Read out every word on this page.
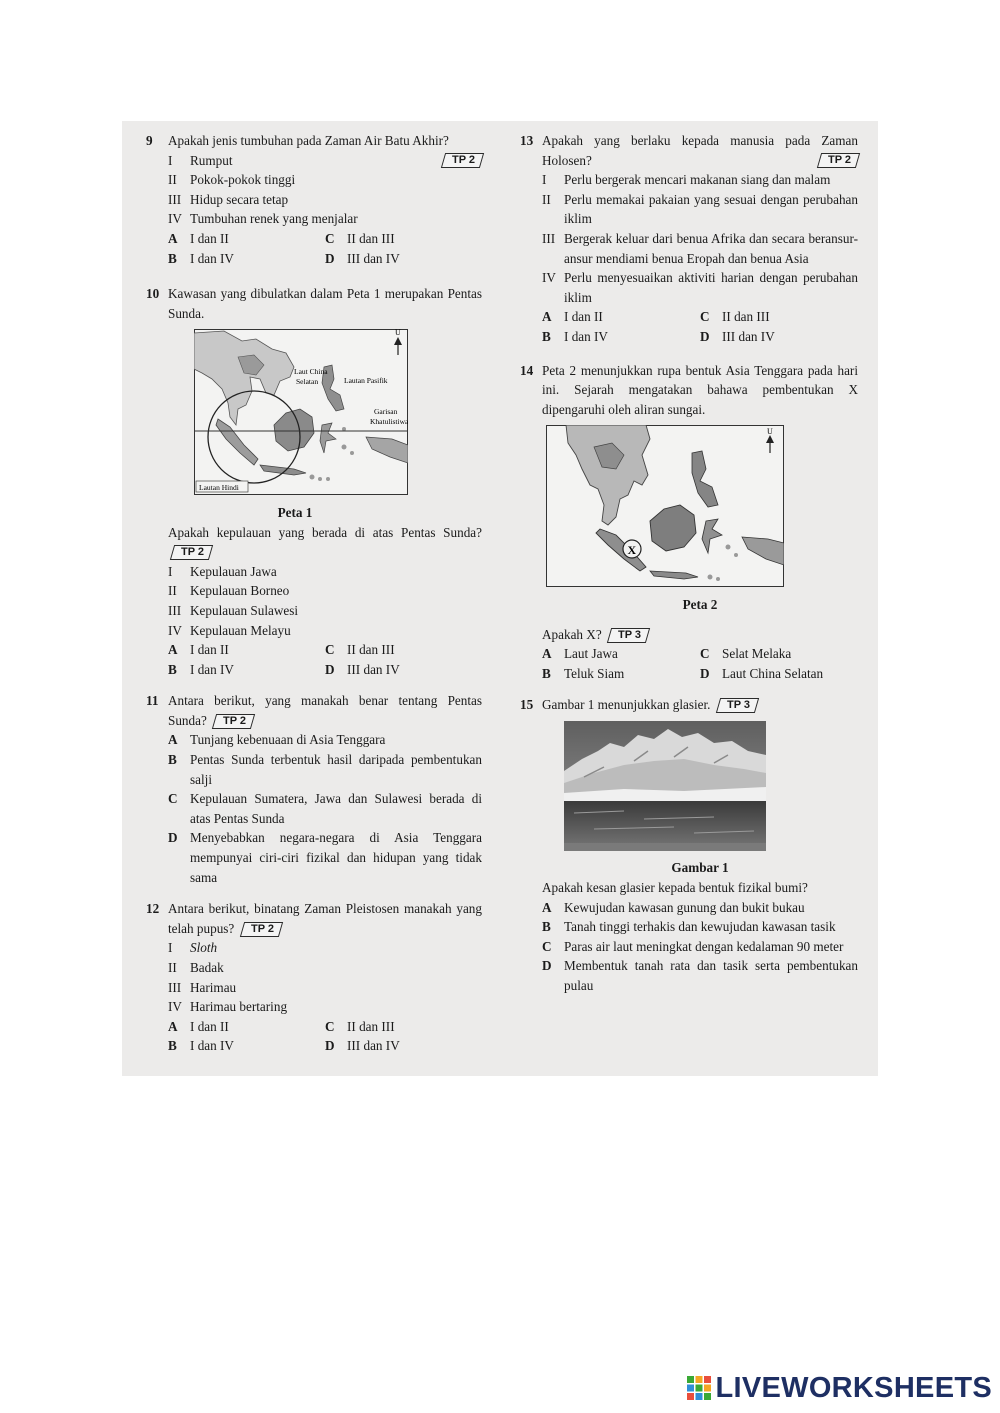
9	Apakah jenis tumbuhan pada Zaman Air Batu Akhir?
I	Rumput	TP 2
II	Pokok-pokok tinggi
III Hidup secara tetap
IV Tumbuhan renek yang menjalar
A I dan II	C II dan III
B I dan IV	D III dan IV
10 Kawasan yang dibulatkan dalam Peta 1 merupakan Pentas Sunda.
U
Laut China
Selatan	Lautan Pasifik
Garisan
Khatulistiwa
Lautan Hindi
Peta 1
Apakah kepulauan yang berada di atas Pentas Sunda? TP 2
I	Kepulauan Jawa
II	Kepulauan Borneo
III Kepulauan Sulawesi
IV Kepulauan Melayu
A I dan II	C II dan III
B I dan IV	D III dan IV
11 Antara berikut, yang manakah benar tentang Pentas Sunda? TP 2
A Tunjang kebenuaan di Asia Tenggara
B Pentas Sunda terbentuk hasil daripada pembentukan salji
C Kepulauan Sumatera, Jawa dan Sulawesi berada di atas Pentas Sunda
D Menyebabkan negara-negara di Asia Tenggara mempunyai ciri-ciri fizikal dan hidupan yang tidak sama
12 Antara berikut, binatang Zaman Pleistosen manakah yang telah pupus? TP 2
I	Sloth
II	Badak
III Harimau
IV Harimau bertaring
A I dan II	C II dan III
B I dan IV	D III dan IV
13 Apakah yang berlaku kepada manusia pada Zaman Holosen?	TP 2
I	Perlu bergerak mencari makanan siang dan malam
II	Perlu memakai pakaian yang sesuai dengan perubahan iklim
III Bergerak keluar dari benua Afrika dan secara beransur-ansur mendiami benua Eropah dan benua Asia
IV Perlu menyesuaikan aktiviti harian dengan perubahan iklim
A I dan II	C II dan III
B I dan IV	D III dan IV
14 Peta 2 menunjukkan rupa bentuk Asia Tenggara pada hari ini. Sejarah mengatakan bahawa pembentukan X dipengaruhi oleh aliran sungai.
X
U
Peta 2
Apakah X? TP 3
A Laut Jawa	C Selat Melaka
B Teluk Siam	D Laut China Selatan
15 Gambar 1 menunjukkan glasier. TP 3
Gambar 1
Apakah kesan glasier kepada bentuk fizikal bumi?
A Kewujudan kawasan gunung dan bukit bukau
B Tanah tinggi terhakis dan kewujudan kawasan tasik
C Paras air laut meningkat dengan kedalaman 90 meter
D Membentuk tanah rata dan tasik serta pembentukan pulau
LIVEWORKSHEETS
